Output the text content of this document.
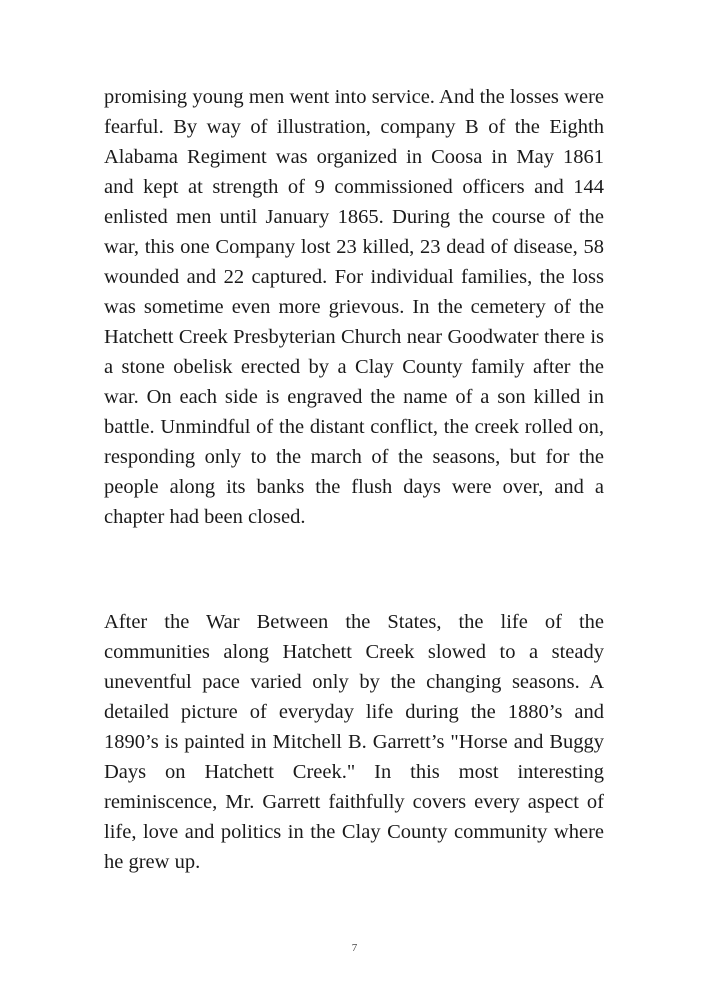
promising young men went into service. And the losses were fearful. By way of illustration, company B of the Eighth Alabama Regiment was organized in Coosa in May 1861 and kept at strength of 9 commissioned officers and 144 enlisted men until January 1865. During the course of the war, this one Company lost 23 killed, 23 dead of disease, 58 wounded and 22 captured. For individual families, the loss was sometime even more grievous. In the cemetery of the Hatchett Creek Presbyterian Church near Goodwater there is a stone obelisk erected by a Clay County family after the war. On each side is engraved the name of a son killed in battle. Unmindful of the distant conflict, the creek rolled on, responding only to the march of the seasons, but for the people along its banks the flush days were over, and a chapter had been closed.

After the War Between the States, the life of the communities along Hatchett Creek slowed to a steady uneventful pace varied only by the changing seasons. A detailed picture of everyday life during the 1880’s and 1890’s is painted in Mitchell B. Garrett’s "Horse and Buggy Days on Hatchett Creek." In this most interesting reminiscence, Mr. Garrett faithfully covers every aspect of life, love and politics in the Clay County community where he grew up.

7
